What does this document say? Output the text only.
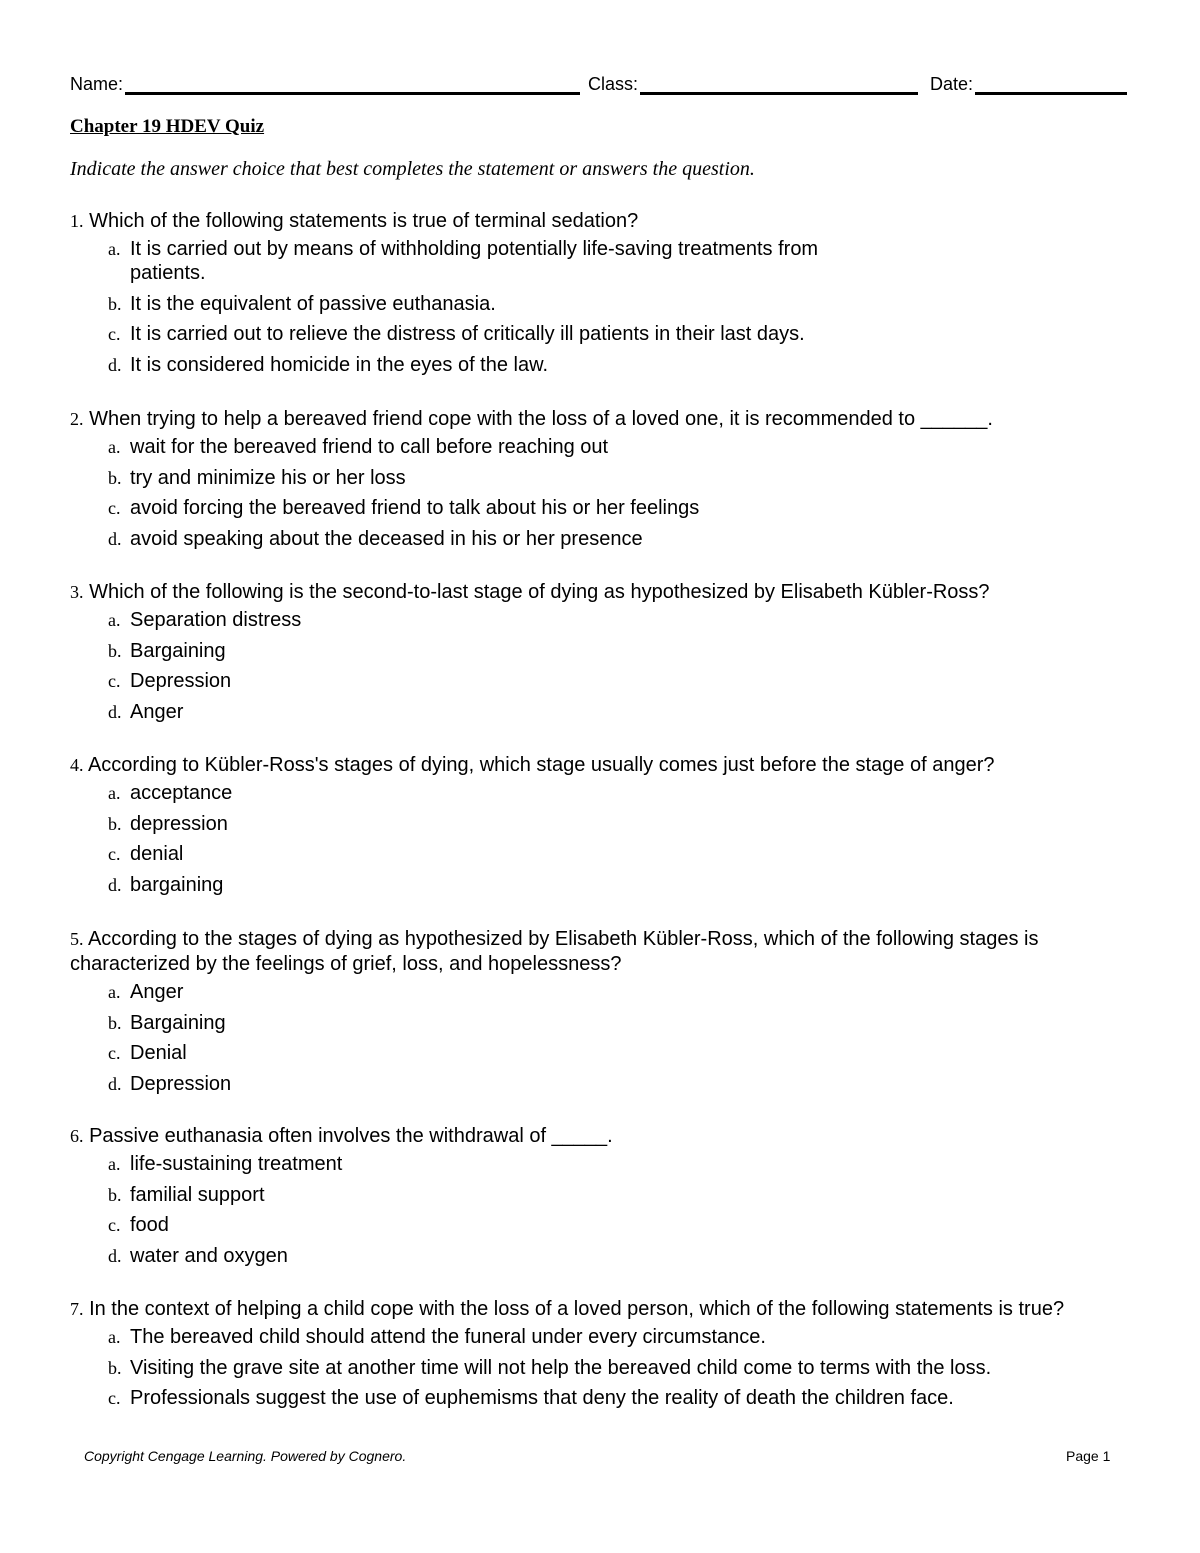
Name:	Class:	Date:
Chapter 19 HDEV Quiz
Indicate the answer choice that best completes the statement or answers the question.
1. Which of the following statements is true of terminal sedation?
a. It is carried out by means of withholding potentially life-saving treatments from patients.
b. It is the equivalent of passive euthanasia.
c. It is carried out to relieve the distress of critically ill patients in their last days.
d. It is considered homicide in the eyes of the law.
2. When trying to help a bereaved friend cope with the loss of a loved one, it is recommended to ______.
a. wait for the bereaved friend to call before reaching out
b. try and minimize his or her loss
c. avoid forcing the bereaved friend to talk about his or her feelings
d. avoid speaking about the deceased in his or her presence
3. Which of the following is the second-to-last stage of dying as hypothesized by Elisabeth Kübler-Ross?
a. Separation distress
b. Bargaining
c. Depression
d. Anger
4. According to Kübler-Ross's stages of dying, which stage usually comes just before the stage of anger?
a. acceptance
b. depression
c. denial
d. bargaining
5. According to the stages of dying as hypothesized by Elisabeth Kübler-Ross, which of the following stages is characterized by the feelings of grief, loss, and hopelessness?
a. Anger
b. Bargaining
c. Denial
d. Depression
6. Passive euthanasia often involves the withdrawal of _____.
a. life-sustaining treatment
b. familial support
c. food
d. water and oxygen
7. In the context of helping a child cope with the loss of a loved person, which of the following statements is true?
a. The bereaved child should attend the funeral under every circumstance.
b. Visiting the grave site at another time will not help the bereaved child come to terms with the loss.
c. Professionals suggest the use of euphemisms that deny the reality of death the children face.
Copyright Cengage Learning. Powered by Cognero.	Page 1
